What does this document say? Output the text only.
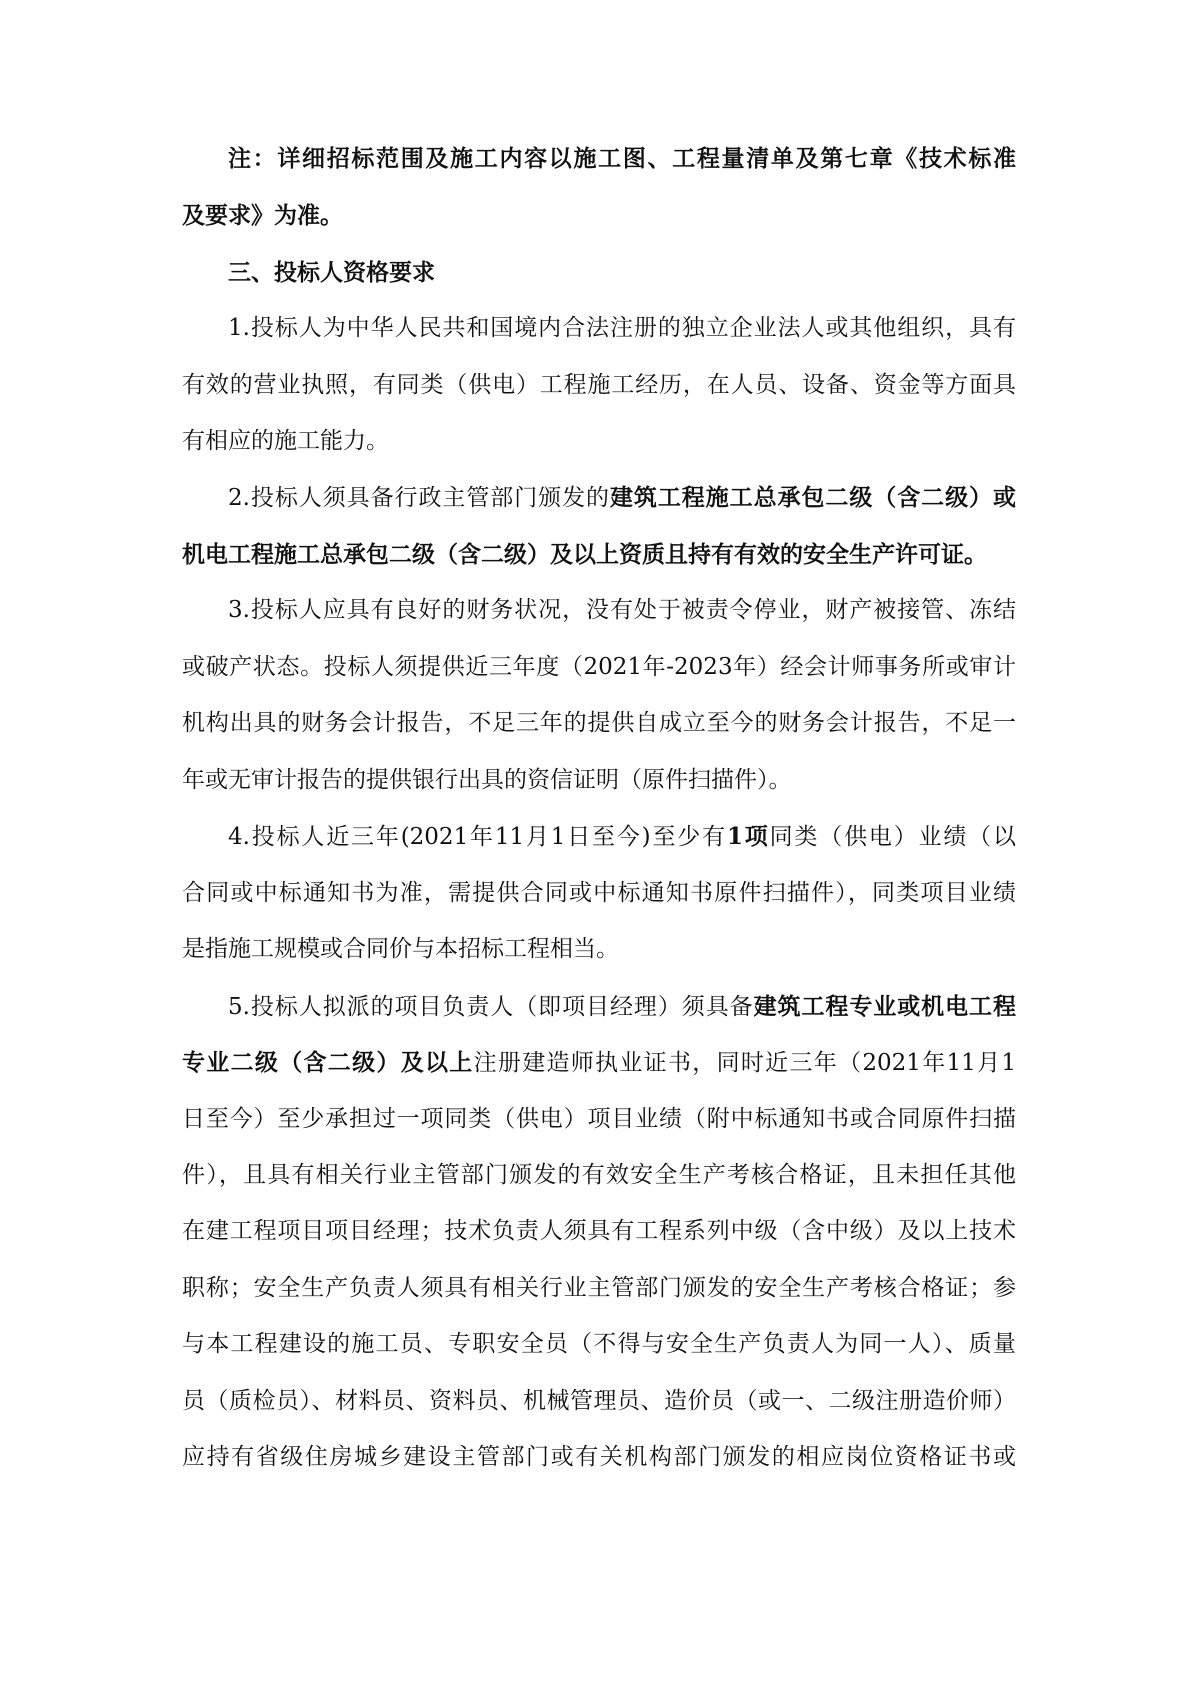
注：详细招标范围及施工内容以施工图、工程量清单及第七章《技术标准
及要求》为准。
三、投标人资格要求
1.投标人为中华人民共和国境内合法注册的独立企业法人或其他组织，具有
有效的营业执照，有同类（供电）工程施工经历，在人员、设备、资金等方面具
有相应的施工能力。
2.投标人须具备行政主管部门颁发的建筑工程施工总承包二级（含二级）或
机电工程施工总承包二级（含二级）及以上资质且持有有效的安全生产许可证。
3.投标人应具有良好的财务状况，没有处于被责令停业，财产被接管、冻结
或破产状态。投标人须提供近三年度（2021年-2023年）经会计师事务所或审计
机构出具的财务会计报告，不足三年的提供自成立至今的财务会计报告，不足一
年或无审计报告的提供银行出具的资信证明（原件扫描件）。
4.投标人近三年(2021年11月1日至今)至少有1项同类（供电）业绩（以
合同或中标通知书为准，需提供合同或中标通知书原件扫描件），同类项目业绩
是指施工规模或合同价与本招标工程相当。
5.投标人拟派的项目负责人（即项目经理）须具备建筑工程专业或机电工程
专业二级（含二级）及以上注册建造师执业证书，同时近三年（2021年11月1
日至今）至少承担过一项同类（供电）项目业绩（附中标通知书或合同原件扫描
件），且具有相关行业主管部门颁发的有效安全生产考核合格证，且未担任其他
在建工程项目项目经理；技术负责人须具有工程系列中级（含中级）及以上技术
职称；安全生产负责人须具有相关行业主管部门颁发的安全生产考核合格证；参
与本工程建设的施工员、专职安全员（不得与安全生产负责人为同一人）、质量
员（质检员）、材料员、资料员、机械管理员、造价员（或一、二级注册造价师）
应持有省级住房城乡建设主管部门或有关机构部门颁发的相应岗位资格证书或
